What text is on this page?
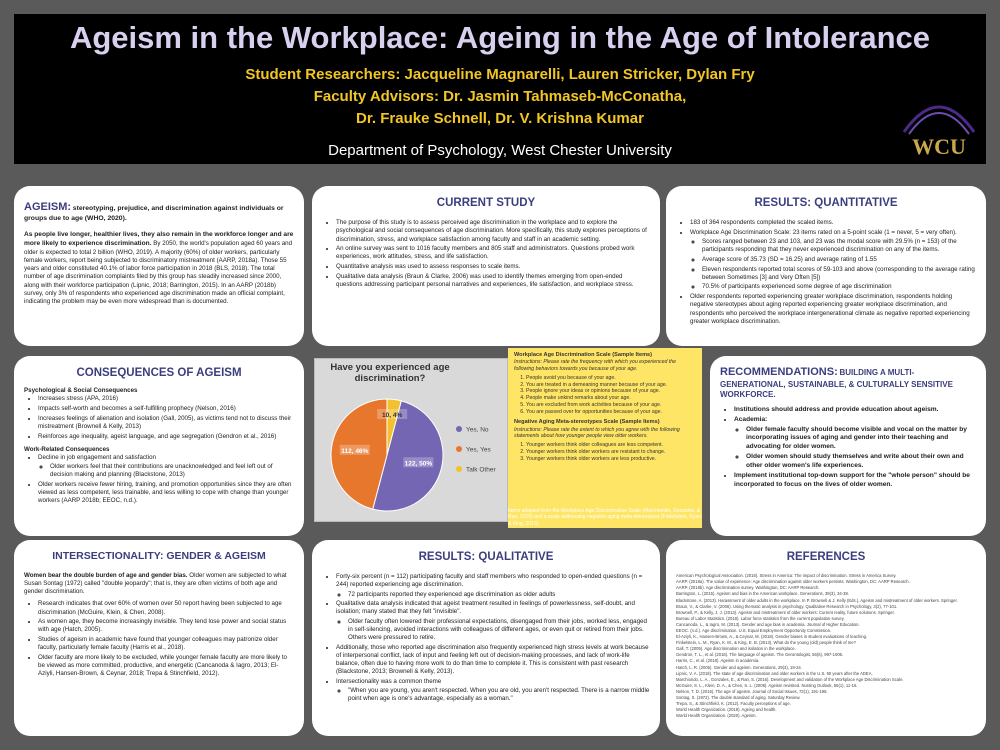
Ageism in the Workplace: Ageing in the Age of Intolerance

Student Researchers: Jacqueline Magnarelli, Lauren Stricker, Dylan Fry

Faculty Advisors: Dr. Jasmin Tahmaseb-McConatha,

Dr. Frauke Schnell, Dr. V. Krishna Kumar

Department of Psychology, West Chester University	WCU

AGEISM: stereotyping, prejudice, and discrimination against individuals or groups due to age (WHO, 2020).

As people live longer, healthier lives, they also remain in the workforce longer and are more likely to experience discrimination. By 2050, the world's population aged 60 years and older is expected to total 2 billion (WHO, 2019). A majority (60%) of older workers, particularly female workers, report being subjected to discriminatory mistreatment (AARP, 2018a). Those 55 years and older constituted 40.1% of labor force participation in 2018 (BLS, 2018). The total number of age discrimination complaints filed by this group has steadily increased since 2000, along with their workforce participation (Lipnic, 2018; Barrington, 2015). In an AARP (2018b) survey, only 3% of respondents who experienced age discrimination made an official complaint, indicating the problem may be even more widespread than is documented.

CURRENT STUDY
• The purpose of this study is to assess perceived age discrimination in the workplace and to explore the psychological and social consequences of age discrimination. More specifically, this study explores perceptions of discrimination, stress, and workplace satisfaction among faculty and staff in an academic setting.
• An online survey was sent to 1016 faculty members and 805 staff and administrators. Questions probed work experiences, work attitudes, stress, and life satisfaction.
• Quantitative analysis was used to assess responses to scale items.
• Qualitative data analysis (Braun & Clarke, 2006) was used to identify themes emerging from open-ended questions addressing participant personal narratives and experiences, life satisfaction, and workplace stress.
RESULTS: QUANTITATIVE
• 183 of 364 respondents completed the scaled items.
• Workplace Age Discrimination Scale: 23 items rated on a 5-point scale (1 = never, 5 = very often).
◦ Scores ranged between 23 and 103, and 23 was the modal score with 29.5% (n = 153) of the participants responding that they never experienced discrimination on any of the items.
◦ Average score of 35.73 (SD = 16.25) and average rating of 1.55
◦ Eleven respondents reported total scores of 59-103 and above (corresponding to the average rating between Sometimes [3] and Very Often [5])
◦ 70.5% of participants experienced some degree of age discrimination
• Older respondents reported experiencing greater workplace discrimination, respondents holding negative stereotypes about aging reported experiencing greater workplace discrimination, and respondents who perceived the workplace intergenerational climate as negative reported experiencing greater workplace discrimination.
CONSEQUENCES OF AGEISM
Psychological & Social Consequences
• Increases stress (APA, 2016)
• Impacts self-worth and becomes a self-fulfilling prophecy (Nelson, 2016)
• Increases feelings of alienation and isolation (Gall, 2005), as victims tend not to discuss their mistreatment (Brownell & Kelly, 2013)
• Reinforces age inequality, ageist language, and age segregation (Gendron et al., 2016)
Work-Related Consequences
• Decline in job engagement and satisfaction
◦ Older workers feel that their contributions are unacknowledged and feel left out of decision making and planning (Blackstone, 2013)
• Older workers receive fewer hiring, training, and promotion opportunities since they are often viewed as less competent, less trainable, and less willing to cope with change than younger workers (AARP 2018b; EEOC, n.d.).
Have you experienced age discrimination?
122, 50%
112, 46%
10, 4%
Yes, No
Yes, Yes
Talk Other
Workplace Age Discrimination Scale (Sample Items)
Instructions: Please rate the frequency with which you experienced the following behaviors towards you because of your age.
1. People avoid you because of your age.
2. You are treated in a demeaning manner because of your age.
3. People ignore your ideas or opinions because of your age.
4. People make unkind remarks about your age.
5. You are excluded from work activities because of your age.
6. You are passed over for opportunities because of your age.
Negative Aging Meta-stereotypes Scale (Sample Items)
Instructions: Please rate the extent to which you agree with the following statements about how younger people view older workers.
1. Younger workers think older colleagues are less competent.
2. Younger workers think older workers are resistant to change.
3. Younger workers think older workers are less productive.
Items adapted from the Workplace Age Discrimination Scale (Marchiondo, Gonzales, & Ran, 2016) and a scale addressing negative aging meta-stereotypes (Finkelstein, Ryan, & King, 2013).
RECOMMENDATIONS: BUILDING A MULTI-GENERATIONAL, SUSTAINABLE, & CULTURALLY SENSITIVE WORKFORCE.
• Institutions should address and provide education about ageism.
• Academia:
◦ Older female faculty should become visible and vocal on the matter by incorporating issues of aging and gender into their teaching and advocating for older women.
◦ Older women should study themselves and write about their own and other older women's life experiences.
• Implement institutional top-down support for the "whole person" should be incorporated to focus on the lives of older women.
INTERSECTIONALITY: GENDER & AGEISM

Women bear the double burden of age and gender bias. Older women are subjected to what Susan Sontag (1972) called "double jeopardy"; that is, they are often victims of both age and gender discrimination.

• Research indicates that over 60% of women over 50 report having been subjected to age discrimination (McGuire, Klein, & Chen, 2008).
• As women age, they become increasingly invisible. They tend lose power and social status with age (Hatch, 2005).
• Studies of ageism in academic have found that younger colleagues may patronize older faculty, particularly female faculty (Harris et al., 2018).
• Older faculty are more likely to be excluded, while younger female faculty are more likely to be viewed as more committed, productive, and energetic (Cancanoda & Iagro, 2013; El-Aziyli, Hansen-Brown, & Ceynar, 2018; Trepa & Stinchfield, 2012).
RESULTS: QUALITATIVE
• Forty-six percent (n = 112) participating faculty and staff members who responded to open-ended questions (n = 244) reported experiencing age discrimination.
◦ 72 participants reported they experienced age discrimination as older adults
• Qualitative data analysis indicated that ageist treatment resulted in feelings of powerlessness, self-doubt, and isolation; many stated that they felt "invisible".
◦ Older faculty often lowered their professional expectations, disengaged from their jobs, worked less, engaged in self-silencing, avoided interactions with colleagues of different ages, or even quit or retired from their jobs. Others were pressured to retire.
• Additionally, those who reported age discrimination also frequently experienced high stress levels at work because of interpersonal conflict, lack of input and feeling left out of decision-making processes, and lack of work-life balance, often due to having more work to do than time to complete it. This is consistent with past research (Blackstone, 2013; Brownell & Kelly, 2013).
• Intersectionality was a common theme
◦ "When you are young, you aren't respected. When you are old, you aren't respected. There is a narrow middle point when age is one's advantage, especially as a woman."
REFERENCES
American Psychological Association. (2016). Stress in America: The impact of discrimination. Stress in America Survey.
AARP. (2018a). The value of experience: Age discrimination against older workers persists. Washington, DC: AARP Research.
AARP. (2018b). Age discrimination survey. Washington, DC: AARP Research.
Barrington, L. (2015). Ageism and bias in the American workplace. Generations, 39(3), 34-38.
Blackstone, A. (2013). Harassment of older adults in the workplace. In P. Brownell & J. Kelly (Eds.), Ageism and mistreatment of older workers. Springer.
Braun, V., & Clarke, V. (2006). Using thematic analysis in psychology. Qualitative Research in Psychology, 3(2), 77-101.
Brownell, P., & Kelly, J. J. (2013). Ageism and mistreatment of older workers: Current reality, future solutions. Springer.
Bureau of Labor Statistics. (2018). Labor force statistics from the current population survey.
Cancanoda, L., & Iagro, M. (2013). Gender and age bias in academia. Journal of Higher Education.
EEOC. (n.d.). Age discrimination. U.S. Equal Employment Opportunity Commission.
El-Aziyli, K., Hansen-Brown, A., & Ceynar, M. (2018). Gender biases in student evaluations of teaching.
Finkelstein, L. M., Ryan, K. M., & King, E. B. (2013). What do the young (old) people think of me?
Gall, T. (2005). Age discrimination and isolation in the workplace.
Gendron, T. L., et al. (2016). The language of ageism. The Gerontologist, 56(6), 997-1006.
Harris, C., et al. (2018). Ageism in academia.
Hatch, L. R. (2005). Gender and ageism. Generations, 29(3), 19-24.
Lipnic, V. A. (2018). The state of age discrimination and older workers in the U.S. 50 years after the ADEA.
Marchiondo, L. A., Gonzales, E., & Ran, S. (2016). Development and validation of the Workplace Age Discrimination Scale.
McGuire, S. L., Klein, D. A., & Chen, S. L. (2008). Ageism revisited. Nursing Outlook, 56(1), 11-16.
Nelson, T. D. (2016). The age of ageism. Journal of Social Issues, 72(1), 191-198.
Sontag, S. (1972). The double standard of aging. Saturday Review.
Trepa, S., & Stinchfield, K. (2012). Faculty perceptions of age.
World Health Organization. (2019). Ageing and health.
World Health Organization. (2020). Ageism.
